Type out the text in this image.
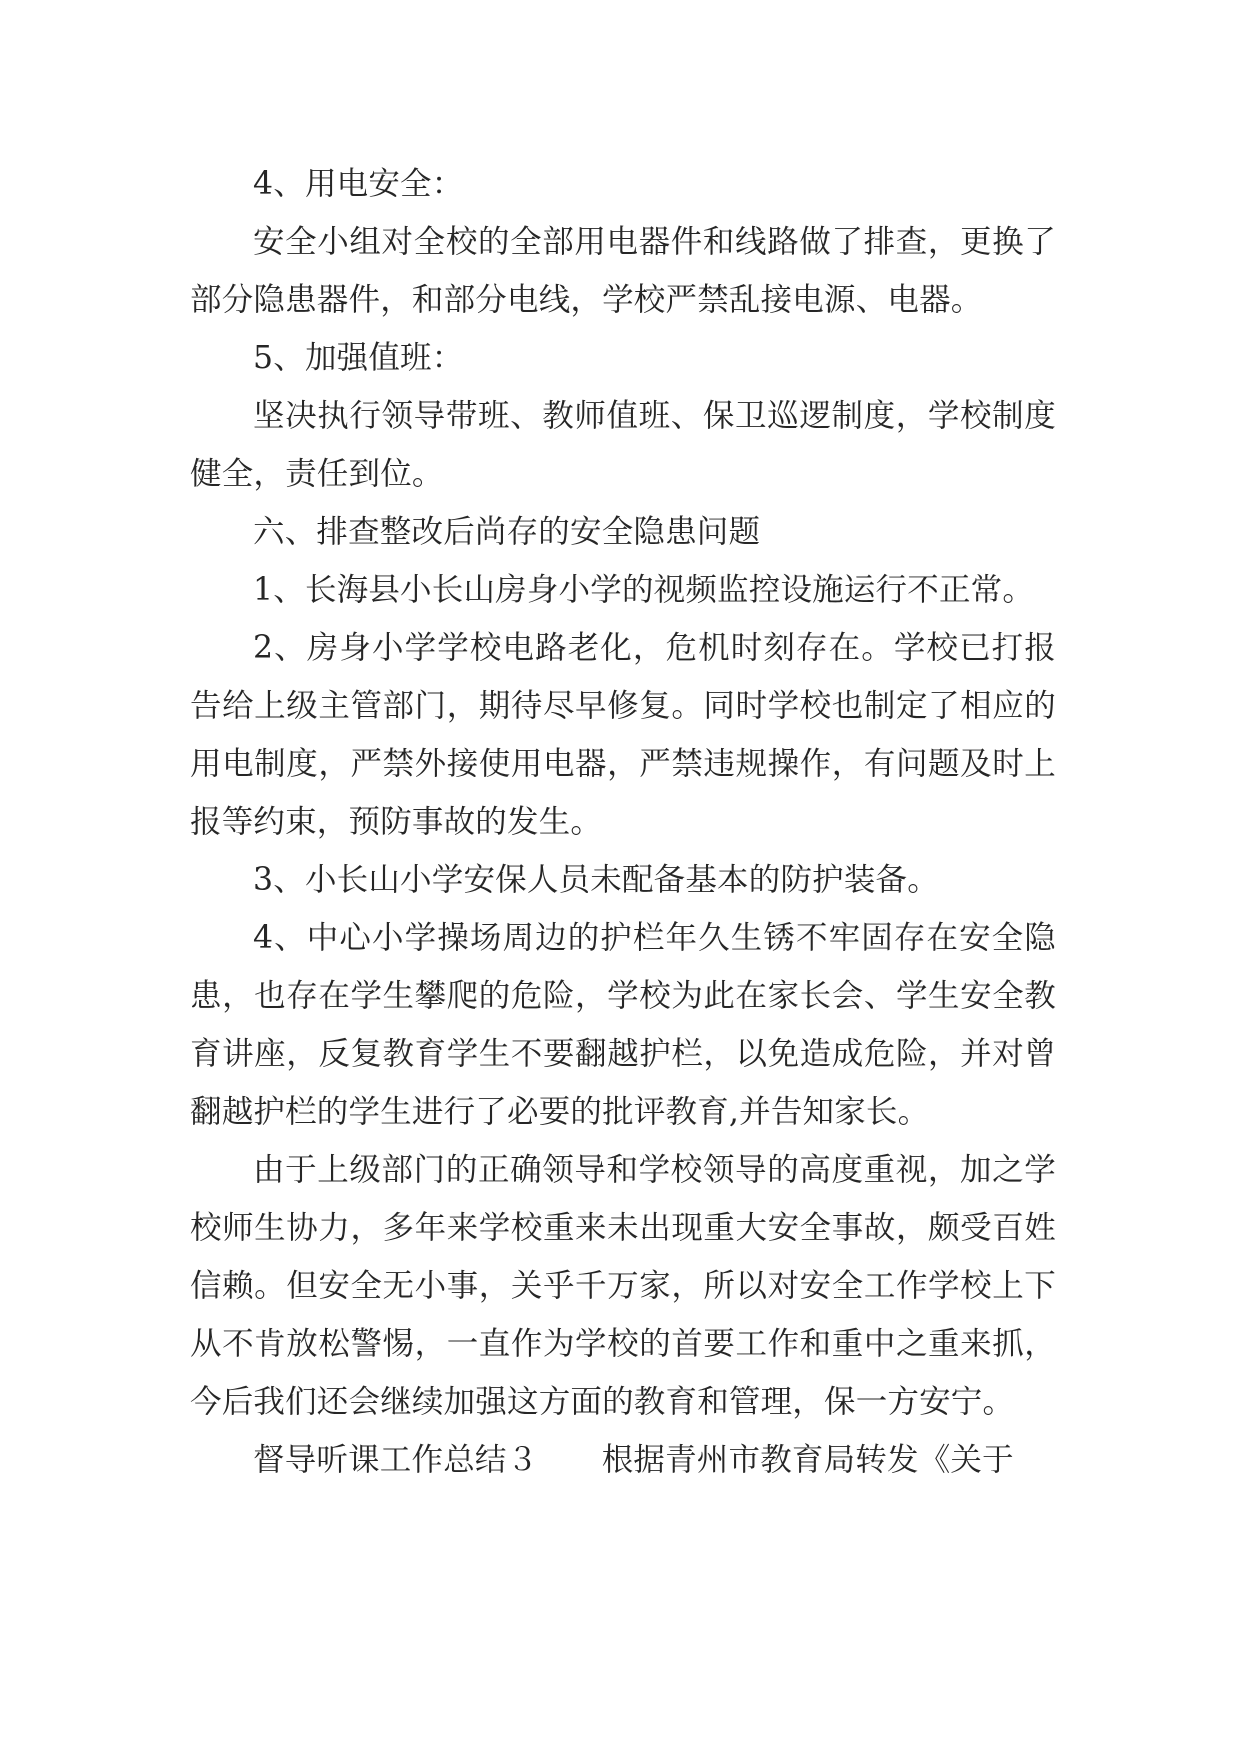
4、用电安全：

安全小组对全校的全部用电器件和线路做了排查，更换了部分隐患器件，和部分电线，学校严禁乱接电源、电器。

5、加强值班：

坚决执行领导带班、教师值班、保卫巡逻制度，学校制度健全，责任到位。

六、排查整改后尚存的安全隐患问题

1、长海县小长山房身小学的视频监控设施运行不正常。

2、房身小学学校电路老化，危机时刻存在。学校已打报告给上级主管部门，期待尽早修复。同时学校也制定了相应的用电制度，严禁外接使用电器，严禁违规操作，有问题及时上报等约束，预防事故的发生。

3、小长山小学安保人员未配备基本的防护装备。

4、中心小学操场周边的护栏年久生锈不牢固存在安全隐患，也存在学生攀爬的危险，学校为此在家长会、学生安全教育讲座，反复教育学生不要翻越护栏，以免造成危险，并对曾翻越护栏的学生进行了必要的批评教育,并告知家长。

由于上级部门的正确领导和学校领导的高度重视，加之学校师生协力，多年来学校重来未出现重大安全事故，颇受百姓信赖。但安全无小事，关乎千万家，所以对安全工作学校上下从不肯放松警惕，一直作为学校的首要工作和重中之重来抓，今后我们还会继续加强这方面的教育和管理，保一方安宁。

督导听课工作总结３　　根据青州市教育局转发《关于
